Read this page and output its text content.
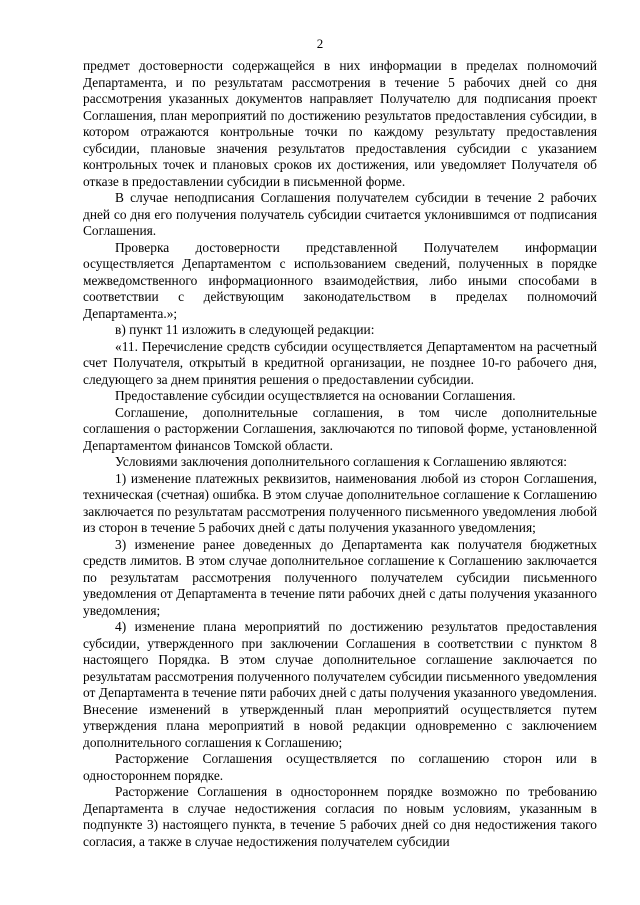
2

предмет достоверности содержащейся в них информации в пределах полномочий Департамента, и по результатам рассмотрения в течение 5 рабочих дней со дня рассмотрения указанных документов направляет Получателю для подписания проект Соглашения, план мероприятий по достижению результатов предоставления субсидии, в котором отражаются контрольные точки по каждому результату предоставления субсидии, плановые значения результатов предоставления субсидии с указанием контрольных точек и плановых сроков их достижения, или уведомляет Получателя об отказе в предоставлении субсидии в письменной форме.

В случае неподписания Соглашения получателем субсидии в течение 2 рабочих дней со дня его получения получатель субсидии считается уклонившимся от подписания Соглашения.

Проверка достоверности представленной Получателем информации осуществляется Департаментом с использованием сведений, полученных в порядке межведомственного информационного взаимодействия, либо иными способами в соответствии с действующим законодательством в пределах полномочий Департамента.»;

в) пункт 11 изложить в следующей редакции:

«11. Перечисление средств субсидии осуществляется Департаментом на расчетный счет Получателя, открытый в кредитной организации, не позднее 10-го рабочего дня, следующего за днем принятия решения о предоставлении субсидии.

Предоставление субсидии осуществляется на основании Соглашения.

Соглашение, дополнительные соглашения, в том числе дополнительные соглашения о расторжении Соглашения, заключаются по типовой форме, установленной Департаментом финансов Томской области.

Условиями заключения дополнительного соглашения к Соглашению являются:

1) изменение платежных реквизитов, наименования любой из сторон Соглашения, техническая (счетная) ошибка. В этом случае дополнительное соглашение к Соглашению заключается по результатам рассмотрения полученного письменного уведомления любой из сторон в течение 5 рабочих дней с даты получения указанного уведомления;

3) изменение ранее доведенных до Департамента как получателя бюджетных средств лимитов. В этом случае дополнительное соглашение к Соглашению заключается по результатам рассмотрения полученного получателем субсидии письменного уведомления от Департамента в течение пяти рабочих дней с даты получения указанного уведомления;

4) изменение плана мероприятий по достижению результатов предоставления субсидии, утвержденного при заключении Соглашения в соответствии с пунктом 8 настоящего Порядка. В этом случае дополнительное соглашение заключается по результатам рассмотрения полученного получателем субсидии письменного уведомления от Департамента в течение пяти рабочих дней с даты получения указанного уведомления. Внесение изменений в утвержденный план мероприятий осуществляется путем утверждения плана мероприятий в новой редакции одновременно с заключением дополнительного соглашения к Соглашению;

Расторжение Соглашения осуществляется по соглашению сторон или в одностороннем порядке.

Расторжение Соглашения в одностороннем порядке возможно по требованию Департамента в случае недостижения согласия по новым условиям, указанным в подпункте 3) настоящего пункта, в течение 5 рабочих дней со дня недостижения такого согласия, а также в случае недостижения получателем субсидии
